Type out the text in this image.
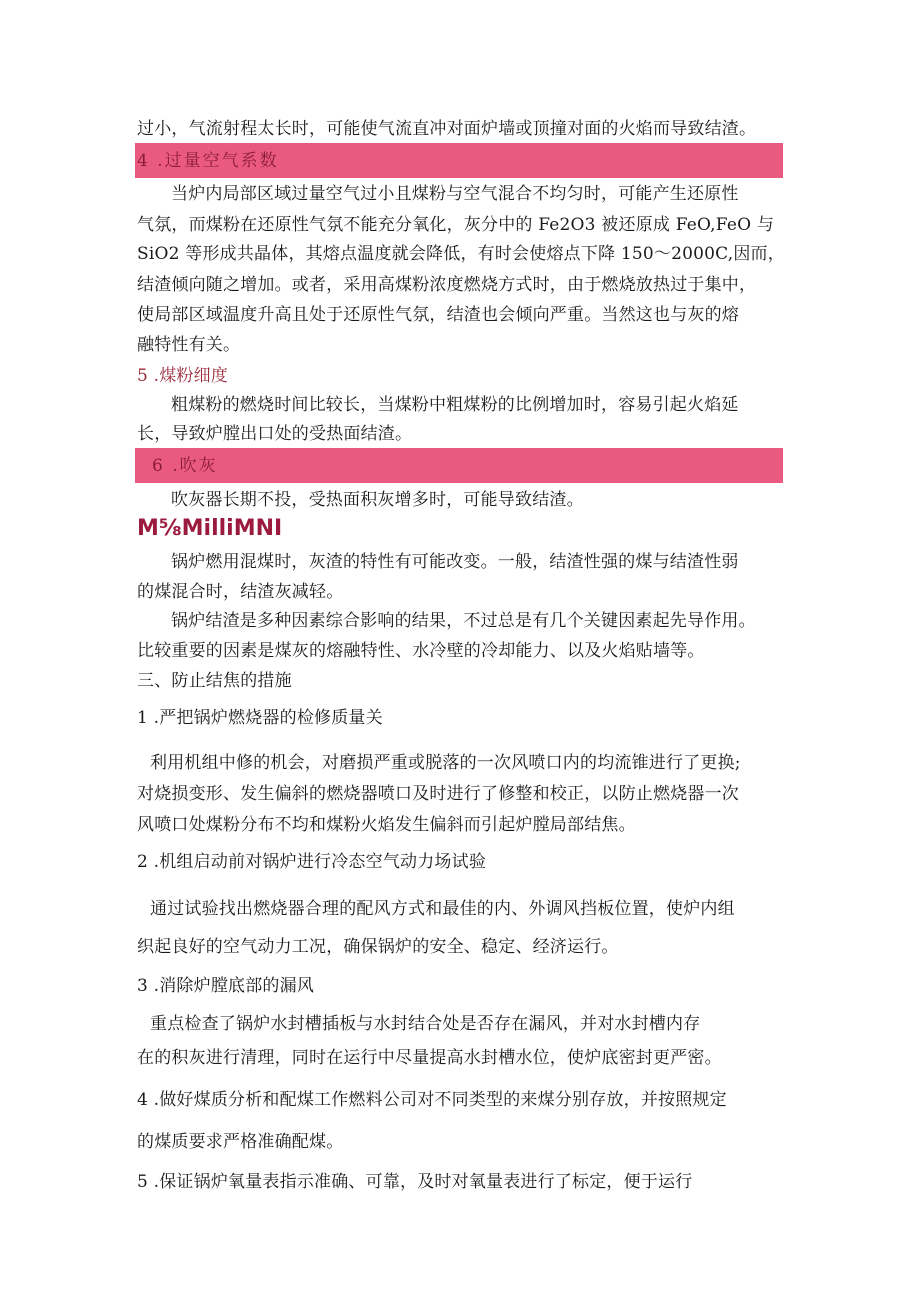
过小，气流射程太长时，可能使气流直冲对面炉墙或顶撞对面的火焰而导致结渣。
4 .过量空气系数
当炉内局部区域过量空气过小且煤粉与空气混合不均匀时，可能产生还原性
气氛，而煤粉在还原性气氛不能充分氧化，灰分中的 Fe2O3 被还原成 FeO,FeO 与
SiO2 等形成共晶体，其熔点温度就会降低，有时会使熔点下降 150～2000C,因而，
结渣倾向随之增加。或者，采用高煤粉浓度燃烧方式时，由于燃烧放热过于集中，
使局部区域温度升高且处于还原性气氛，结渣也会倾向严重。当然这也与灰的熔
融特性有关。
5 .煤粉细度
粗煤粉的燃烧时间比较长，当煤粉中粗煤粉的比例增加时，容易引起火焰延
长，导致炉膛出口处的受热面结渣。
6 .吹灰
吹灰器长期不投，受热面积灰增多时，可能导致结渣。
M⅝MilliMNI
锅炉燃用混煤时，灰渣的特性有可能改变。一般，结渣性强的煤与结渣性弱
的煤混合时，结渣灰减轻。
锅炉结渣是多种因素综合影响的结果，不过总是有几个关键因素起先导作用。
比较重要的因素是煤灰的熔融特性、水冷壁的冷却能力、以及火焰贴墙等。
三、防止结焦的措施
1 .严把锅炉燃烧器的检修质量关
利用机组中修的机会，对磨损严重或脱落的一次风喷口内的均流锥进行了更换;
对烧损变形、发生偏斜的燃烧器喷口及时进行了修整和校正，以防止燃烧器一次
风喷口处煤粉分布不均和煤粉火焰发生偏斜而引起炉膛局部结焦。
2 .机组启动前对锅炉进行冷态空气动力场试验
通过试验找出燃烧器合理的配风方式和最佳的内、外调风挡板位置，使炉内组
织起良好的空气动力工况，确保锅炉的安全、稳定、经济运行。
3 .消除炉膛底部的漏风
重点检查了锅炉水封槽插板与水封结合处是否存在漏风，并对水封槽内存
在的积灰进行清理，同时在运行中尽量提高水封槽水位，使炉底密封更严密。
4 .做好煤质分析和配煤工作燃料公司对不同类型的来煤分别存放，并按照规定
的煤质要求严格准确配煤。
5 .保证锅炉氧量表指示准确、可靠，及时对氧量表进行了标定，便于运行
